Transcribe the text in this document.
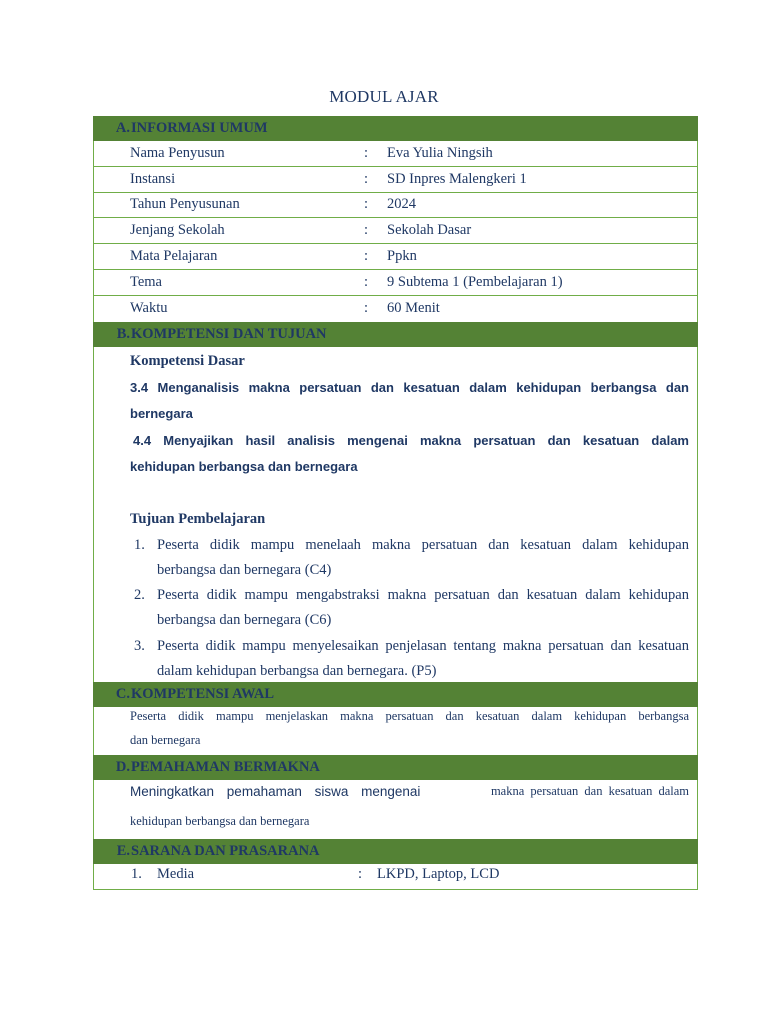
MODUL AJAR
A. INFORMASI UMUM
Nama Penyusun	: Eva Yulia Ningsih
Instansi	: SD Inpres Malengkeri 1
Tahun Penyusunan	: 2024
Jenjang Sekolah	: Sekolah Dasar
Mata Pelajaran	: Ppkn
Tema	: 9 Subtema 1 (Pembelajaran 1)
Waktu	: 60 Menit
B. KOMPETENSI DAN TUJUAN
Kompetensi Dasar
3.4 Menganalisis makna persatuan dan kesatuan dalam kehidupan berbangsa dan
bernegara
4.4 Menyajikan hasil analisis mengenai makna persatuan dan kesatuan dalam
kehidupan berbangsa dan bernegara
Tujuan Pembelajaran
1. Peserta didik mampu menelaah makna persatuan dan kesatuan dalam kehidupan
berbangsa dan bernegara (C4)
2. Peserta didik mampu mengabstraksi makna persatuan dan kesatuan dalam kehidupan
berbangsa dan bernegara (C6)
3. Peserta didik mampu menyelesaikan penjelasan tentang makna persatuan dan kesatuan
dalam kehidupan berbangsa dan bernegara. (P5)
C. KOMPETENSI AWAL
Peserta didik mampu menjelaskan makna persatuan dan kesatuan dalam kehidupan berbangsa
dan bernegara
D. PEMAHAMAN BERMAKNA
Meningkatkan pemahaman siswa mengenai	makna persatuan dan kesatuan dalam
kehidupan berbangsa dan bernegara
E. SARANA DAN PRASARANA
1. Media	: LKPD, Laptop, LCD
